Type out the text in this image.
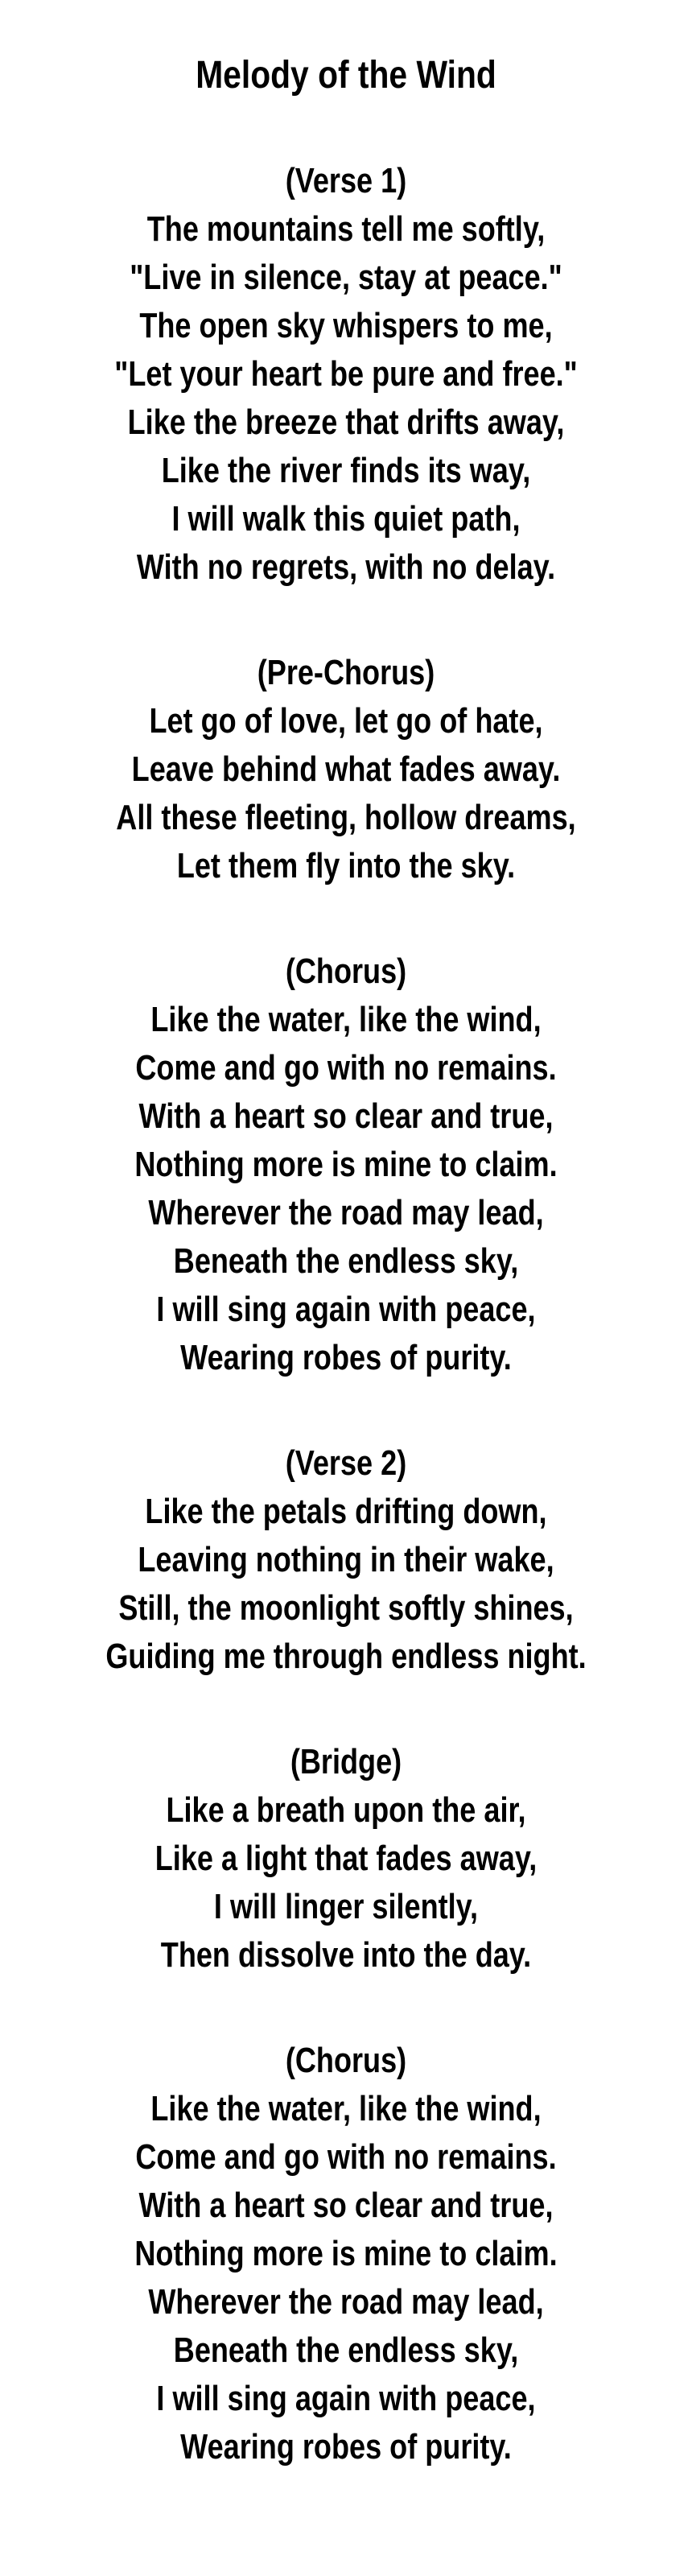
Melody of the Wind

(Verse 1)

The mountains tell me softly,

"Live in silence, stay at peace."

The open sky whispers to me,

"Let your heart be pure and free."

Like the breeze that drifts away,

Like the river finds its way,

I will walk this quiet path,

With no regrets, with no delay.

(Pre-Chorus)

Let go of love, let go of hate,

Leave behind what fades away.

All these fleeting, hollow dreams,

Let them fly into the sky.

(Chorus)

Like the water, like the wind,

Come and go with no remains.

With a heart so clear and true,

Nothing more is mine to claim.

Wherever the road may lead,

Beneath the endless sky,

I will sing again with peace,

Wearing robes of purity.

(Verse 2)

Like the petals drifting down,

Leaving nothing in their wake,

Still, the moonlight softly shines,

Guiding me through endless night.

(Bridge)

Like a breath upon the air,

Like a light that fades away,

I will linger silently,

Then dissolve into the day.

(Chorus)

Like the water, like the wind,

Come and go with no remains.

With a heart so clear and true,

Nothing more is mine to claim.

Wherever the road may lead,

Beneath the endless sky,

I will sing again with peace,

Wearing robes of purity.
